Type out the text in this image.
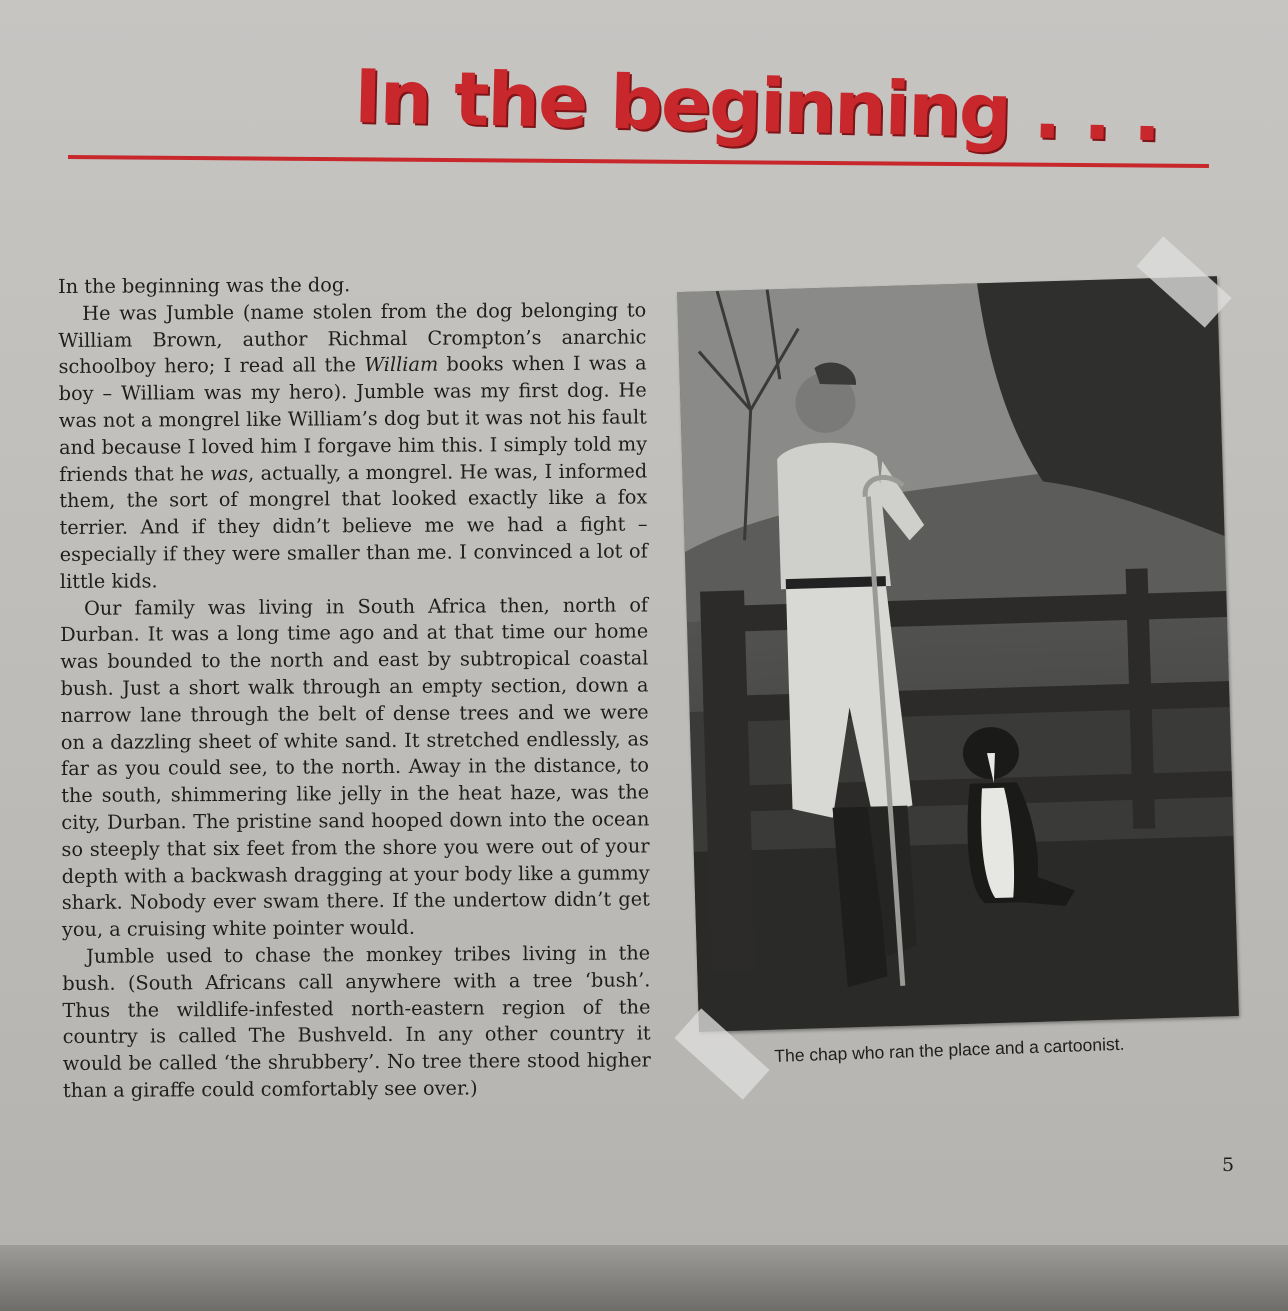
In the beginning . . .

In the beginning was the dog.

He was Jumble (name stolen from the dog belonging to William Brown, author Richmal Crompton’s anarchic schoolboy hero; I read all the William books when I was a boy – William was my hero). Jumble was my first dog. He was not a mongrel like William’s dog but it was not his fault and because I loved him I forgave him this. I simply told my friends that he was, actually, a mongrel. He was, I informed them, the sort of mongrel that looked exactly like a fox terrier. And if they didn’t believe me we had a fight – especially if they were smaller than me. I convinced a lot of little kids.

Our family was living in South Africa then, north of Durban. It was a long time ago and at that time our home was bounded to the north and east by subtropical coastal bush. Just a short walk through an empty section, down a narrow lane through the belt of dense trees and we were on a dazzling sheet of white sand. It stretched endlessly, as far as you could see, to the north. Away in the distance, to the south, shimmering like jelly in the heat haze, was the city, Durban. The pristine sand hooped down into the ocean so steeply that six feet from the shore you were out of your depth with a backwash dragging at your body like a gummy shark. Nobody ever swam there. If the undertow didn’t get you, a cruising white pointer would.

Jumble used to chase the monkey tribes living in the bush. (South Africans call anywhere with a tree ‘bush’. Thus the wildlife-infested north-eastern region of the country is called The Bushveld. In any other country it would be called ‘the shrubbery’. No tree there stood higher than a giraffe could comfortably see over.)

The chap who ran the place and a cartoonist.
5
